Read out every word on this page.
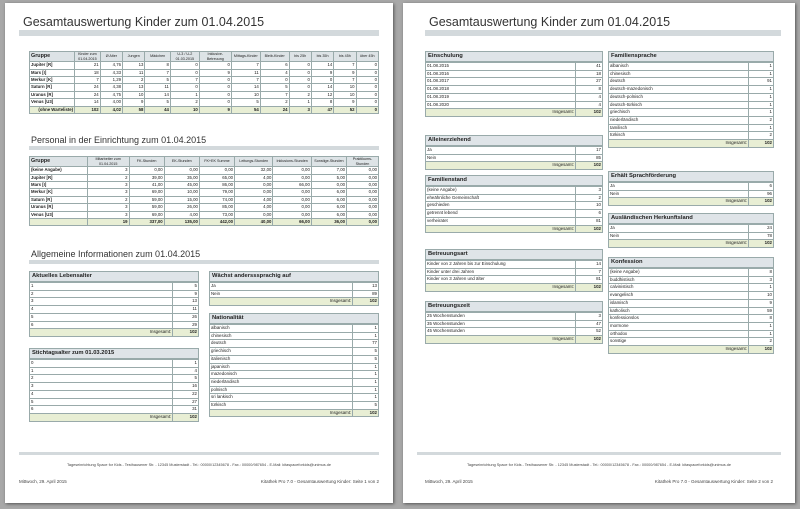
Gesamtauswertung Kinder zum 01.04.2015
Gruppe	Kinder zum 01.04.2015	Ø Alter	Jungen	Mädchen	U-3 / U-2 01.03.2015	Inklusive-Betreuung	Mittags-Kinder	Bleib-Kinder	bis 25h	bis 35h	bis 45h	über 45h
Jupiter [R]	21	4,76	13	8	0	0	7	6	0	14	7	0
Mars [I]	18	4,33	11	7	0	9	11	4	0	9	9	0
Merkur [K]	7	1,29	2	5	7	0	7	0	0	0	7	0
Saturn [R]	24	4,38	13	11	0	0	14	5	0	14	10	0
Uranus [R]	24	4,75	10	14	1	0	10	7	2	12	10	0
Venus [U3]	14	4,00	9	5	2	0	5	2	1	8	9	0
(ohne Warteliste)	102	4,02	58	44	10	9	54	24	3	47	52	0
Personal in der Einrichtung zum 01.04.2015
Gruppe	Mitarbeiter zum 01.04.2015	FK-Stunden	EK-Stunden	FK+EK Summe	Leitungs-Stunden	Inklusions-Stunden	Sonstige-Stunden	Praktikums-Stunden
(keine Angabe)	3	0,00	0,00	0,00	32,00	0,00	7,00	0,00
Jupiter [R]	2	39,00	35,00	65,00	4,00	0,00	5,00	0,00
Mars [I]	3	41,00	45,00	86,00	0,00	66,00	0,00	0,00
Merkur [K]	3	69,00	10,00	79,00	0,00	0,00	6,00	0,00
Saturn [R]	2	59,00	15,00	74,00	4,00	0,00	6,00	0,00
Uranus [R]	3	59,00	26,00	85,00	4,00	0,00	6,00	0,00
Venus [U3]	3	69,00	4,00	73,00	0,00	0,00	6,00	0,00
	19	337,00	135,00	442,00	40,00	66,00	36,00	0,00
Allgemeine Informationen zum 01.04.2015
Aktuelles Lebensalter
1	5
2	9
3	13
4	11
5	26
6	29
Insgesamt:	102
Stichtagsalter zum 01.03.2015
0	1
1	4
2	5
3	16
4	22
5	27
6	31
Insgesamt:	102
Wächst andersssprachig auf
Ja	13
Nein	89
Insgesamt:	102
Nationalität
albanisch	1
chinesisch	1
deutsch	77
griechisch	5
italienisch	5
japanisch	1
mazedonisch	1
niederländisch	1
polnisch	1
sri lankisch	1
türkisch	5
Insgesamt:	102
Tageseinrichtung Space for Kids - Testhausener Str. - 12345 Musterstadt - Tel.: 00000/12345678 - Fax.: 00000/987654 - E-Mail: kitaspaceforkids@unimus.de
Mittwoch, 29. April 2015	Kitathek Pro 7.0 - Gesamtauswertung Kinder: Seite 1 von 2
Gesamtauswertung Kinder zum 01.04.2015
Einschulung
01.08.2015	41
01.08.2016	18
01.08.2017	27
01.08.2018	8
01.08.2019	4
01.08.2020	4
Insgesamt:	102
Alleinerziehend
Ja	17
Nein	85
Insgesamt:	102
Familienstand
(keine Angabe)	3
eheähnliche Gemeinschaft	2
geschieden	10
getrennt lebend	6
verheiratet	81
Insgesamt:	102
Betreuungsart
Kinder von 2 Jahren bis zur Einschulung	14
Kinder unter drei Jahren	7
Kinder von 3 Jahren und älter	81
Insgesamt:	102
Betreuungszeit
25 Wochenstunden	3
35 Wochenstunden	47
45 Wochenstunden	52
Insgesamt:	102
Familiensprache
albanisch	1
chinesisch	1
deutsch	91
deutsch-mazedonisch	1
deutsch-polnisch	1
deutsch-türkisch	1
griechisch	1
niederländisch	2
tamilisch	1
türkisch	2
Insgesamt:	102
Erhält Sprachförderung
Ja	6
Nein	96
Insgesamt:	102
Ausländischen Herkunftsland
Ja	24
Nein	78
Insgesamt:	102
Konfession
(keine Angabe)	8
buddhistisch	3
calvinistisch	1
evangelisch	10
islamisch	9
katholisch	59
konfessionslos	8
mormone	1
orthodox	1
sonstige	2
Insgesamt:	102
Tageseinrichtung Space for Kids - Testhausener Str. - 12345 Musterstadt - Tel.: 00000/12345678 - Fax.: 00000/987654 - E-Mail: kitaspaceforkids@unimus.de
Mittwoch, 29. April 2015	Kitathek Pro 7.0 - Gesamtauswertung Kinder: Seite 2 von 2
